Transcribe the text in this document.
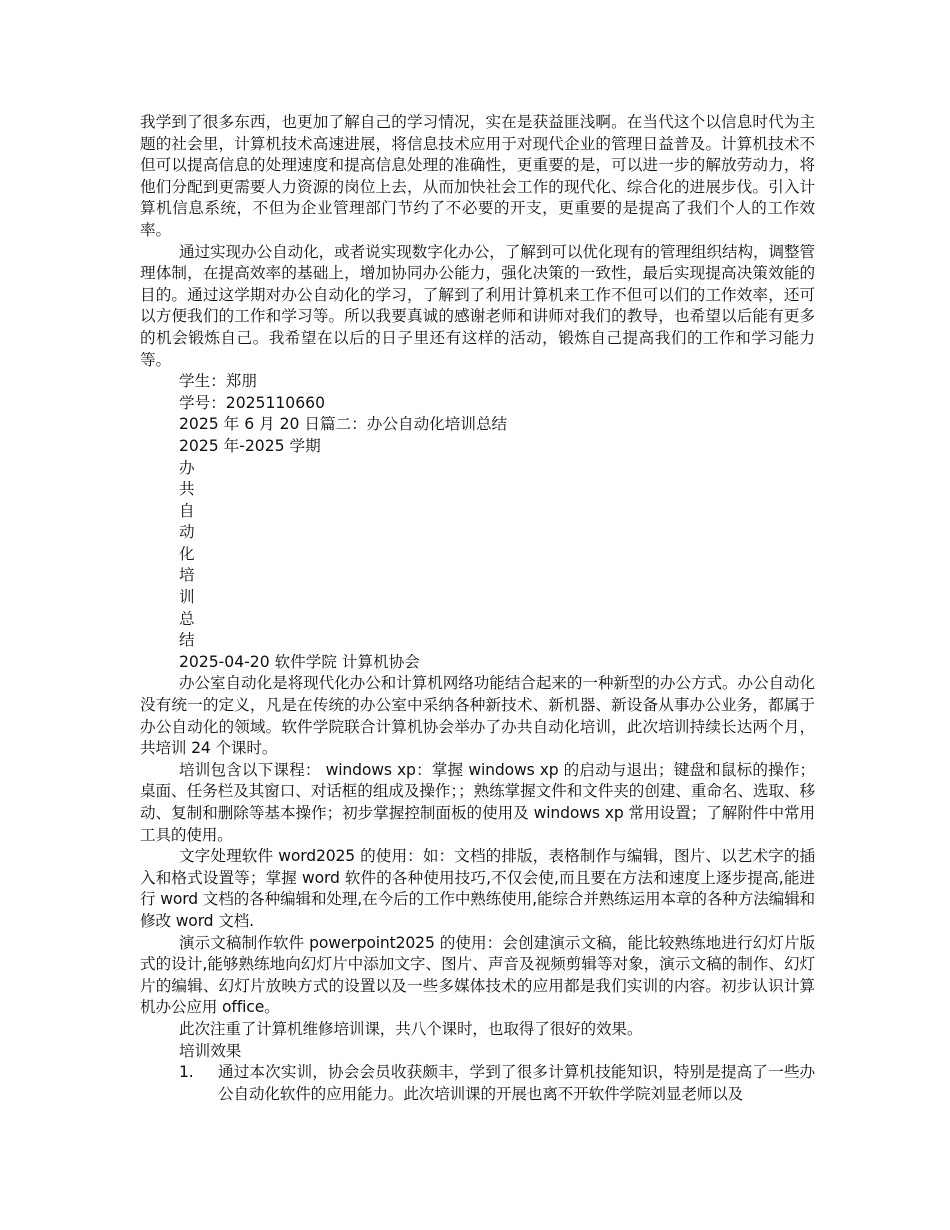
我学到了很多东西，也更加了解自己的学习情况，实在是获益匪浅啊。在当代这个以信息时代为主题的社会里，计算机技术高速进展，将信息技术应用于对现代企业的管理日益普及。计算机技术不但可以提高信息的处理速度和提高信息处理的准确性，更重要的是，可以进一步的解放劳动力，将他们分配到更需要人力资源的岗位上去，从而加快社会工作的现代化、综合化的进展步伐。引入计算机信息系统，不但为企业管理部门节约了不必要的开支，更重要的是提高了我们个人的工作效率。

通过实现办公自动化，或者说实现数字化办公，了解到可以优化现有的管理组织结构，调整管理体制，在提高效率的基础上，增加协同办公能力，强化决策的一致性，最后实现提高决策效能的目的。通过这学期对办公自动化的学习，了解到了利用计算机来工作不但可以们的工作效率，还可以方便我们的工作和学习等。所以我要真诚的感谢老师和讲师对我们的教导，也希望以后能有更多的机会锻炼自己。我希望在以后的日子里还有这样的活动，锻炼自己提高我们的工作和学习能力等。

学生：郑朋

学号：2025110660

2025 年 6 月 20 日篇二：办公自动化培训总结

2025 年-2025 学期

办

共

自

动

化

培

训

总

结

2025-04-20 软件学院 计算机协会

办公室自动化是将现代化办公和计算机网络功能结合起来的一种新型的办公方式。办公自动化没有统一的定义，凡是在传统的办公室中采纳各种新技术、新机器、新设备从事办公业务，都属于办公自动化的领域。软件学院联合计算机协会举办了办共自动化培训，此次培训持续长达两个月，共培训 24 个课时。

培训包含以下课程： windows xp：掌握 windows xp 的启动与退出；键盘和鼠标的操作；桌面、任务栏及其窗口、对话框的组成及操作；；熟练掌握文件和文件夹的创建、重命名、选取、移动、复制和删除等基本操作；初步掌握控制面板的使用及 windows xp 常用设置；了解附件中常用工具的使用。

文字处理软件 word2025 的使用：如：文档的排版，表格制作与编辑，图片、以艺术字的插入和格式设置等；掌握 word 软件的各种使用技巧,不仅会使,而且要在方法和速度上逐步提高,能进行 word 文档的各种编辑和处理,在今后的工作中熟练使用,能综合并熟练运用本章的各种方法编辑和修改 word 文档.

演示文稿制作软件 powerpoint2025 的使用：会创建演示文稿，能比较熟练地进行幻灯片版式的设计,能够熟练地向幻灯片中添加文字、图片、声音及视频剪辑等对象，演示文稿的制作、幻灯片的编辑、幻灯片放映方式的设置以及一些多媒体技术的应用都是我们实训的内容。初步认识计算机办公应用 office。

此次注重了计算机维修培训课，共八个课时，也取得了很好的效果。

培训效果

1. 通过本次实训，协会会员收获颇丰，学到了很多计算机技能知识，特别是提高了一些办公自动化软件的应用能力。此次培训课的开展也离不开软件学院刘显老师以及
